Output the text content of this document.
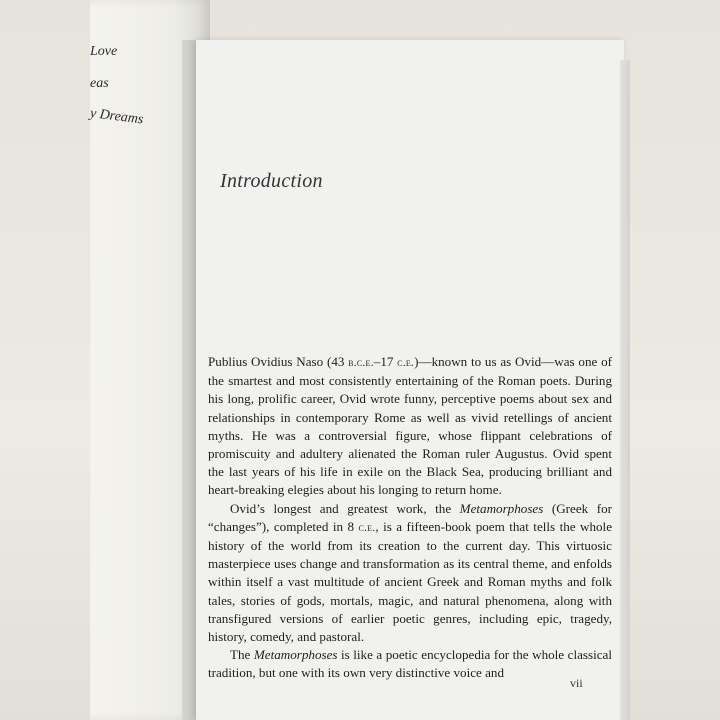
Love
eas
y Dreams
Introduction

Publius Ovidius Naso (43 b.c.e.–17 c.e.)—known to us as Ovid—was one of the smartest and most consistently entertaining of the Roman poets. During his long, prolific career, Ovid wrote funny, perceptive poems about sex and relationships in contemporary Rome as well as vivid retellings of ancient myths. He was a controversial figure, whose flippant celebrations of promiscuity and adultery alienated the Roman ruler Augustus. Ovid spent the last years of his life in exile on the Black Sea, producing brilliant and heart-breaking elegies about his longing to return home.

Ovid’s longest and greatest work, the Metamorphoses (Greek for “changes”), completed in 8 c.e., is a fifteen-book poem that tells the whole history of the world from its creation to the current day. This virtuosic masterpiece uses change and transformation as its central theme, and enfolds within itself a vast multitude of ancient Greek and Roman myths and folk tales, stories of gods, mortals, magic, and natural phenomena, along with transfigured versions of earlier poetic genres, including epic, tragedy, history, comedy, and pastoral.

The Metamorphoses is like a poetic encyclopedia for the whole classical tradition, but one with its own very distinctive voice and

vii
